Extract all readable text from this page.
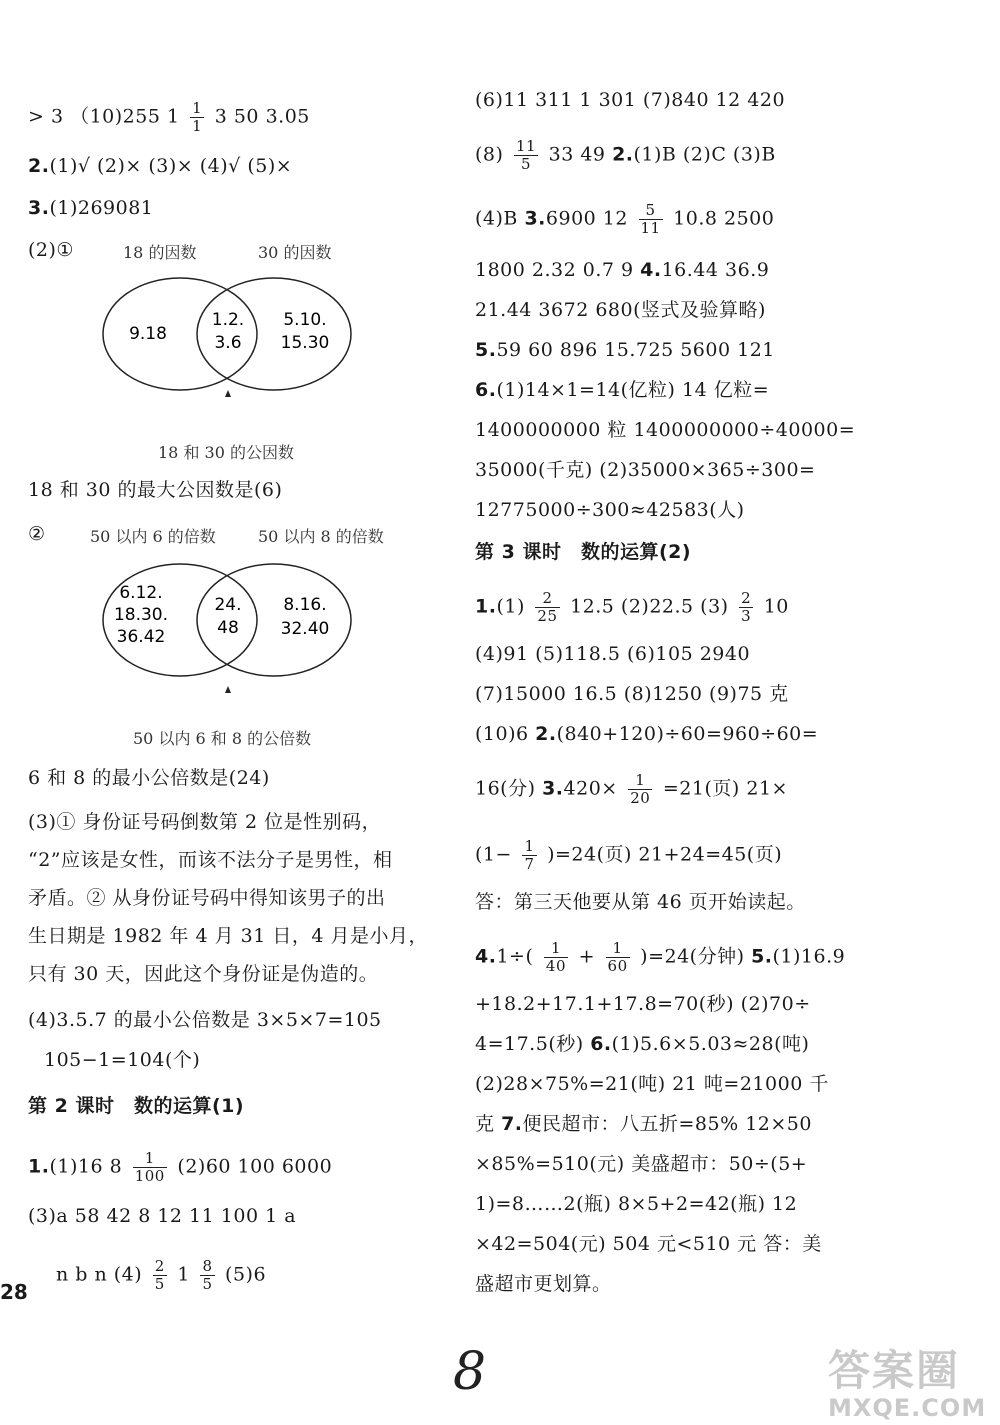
> 3 （10)255 $1 \frac{1}{1} 3$ 50 3.05
2.(1)√ (2)× (3)× (4)√ (5)×
3.(1)269081
(2)①	18 的因数	30 的因数
9.18
1.2.
3.6
5.10.
15.30
18 和 30 的公因数
18 和 30 的最大公因数是(6)
②	50 以内 6 的倍数	50 以内 8 的倍数
6.12.
18.30.
36.42
24.
48
8.16.
32.40
50 以内 6 和 8 的公倍数
6 和 8 的最小公倍数是(24)
(3)① 身份证号码倒数第 2 位是性别码，
“2”应该是女性，而该不法分子是男性，相
矛盾。② 从身份证号码中得知该男子的出
生日期是 1982 年 4 月 31 日，4 月是小月，
只有 30 天，因此这个身份证是伪造的。
(4)3.5.7 的最小公倍数是 3×5×7=105
105−1=104(个)
第 2 课时　数的运算(1)
1.(1)16 $8 \frac{1}{100} (2)60$ 100 6000
(3)a 58 42 8 12 11 100 1 a
n b n $(4) \frac{2}{5} 1 \frac{8}{5} (5)6$
28
(6)11 311 1 301 (7)840 12 420
$(8) \frac{11}{5} 33$ 49 2.(1)B (2)C (3)B
(4)B 3.6900 $12 \frac{5}{11} 10.8$ 2500
1800 2.32 0.7 9 4.16.44 36.9
21.44 3672 680(竖式及验算略)
5.59 60 896 15.725 5600 121
6.(1)14×1=14(亿粒) 14 亿粒=
1400000000 粒 1400000000÷40000=
35000(千克) (2)35000×365÷300=
12775000÷300≈42583(人)
第 3 课时　数的运算(2)
$1.(1) \frac{2}{25} 12.5$ (2)22.5 $(3) \frac{2}{3} 10$
(4)91 (5)118.5 (6)105 2940
(7)15000 16.5 (8)1250 (9)75 克
(10)6 2.(840+120)÷60=960÷60=
16(分) $3.420\times \frac{1}{20} =21$(页) 21×
$(1- \frac{1}{7} )=24$(页) 21+24=45(页)
答：第三天他要从第 46 页开始读起。
$4.1\div( \frac{1}{40} + \frac{1}{60} )=24$(分钟) 5.(1)16.9
+18.2+17.1+17.8=70(秒) (2)70÷
4=17.5(秒) 6.(1)5.6×5.03≈28(吨)
(2)28×75%=21(吨) 21 吨=21000 千
克 7.便民超市：八五折=85% 12×50
×85%=510(元) 美盛超市：50÷(5+
1)=8……2(瓶) 8×5+2=42(瓶) 12
×42=504(元) 504 元<510 元 答：美
盛超市更划算。
8	答案圈
MXQE.COM
